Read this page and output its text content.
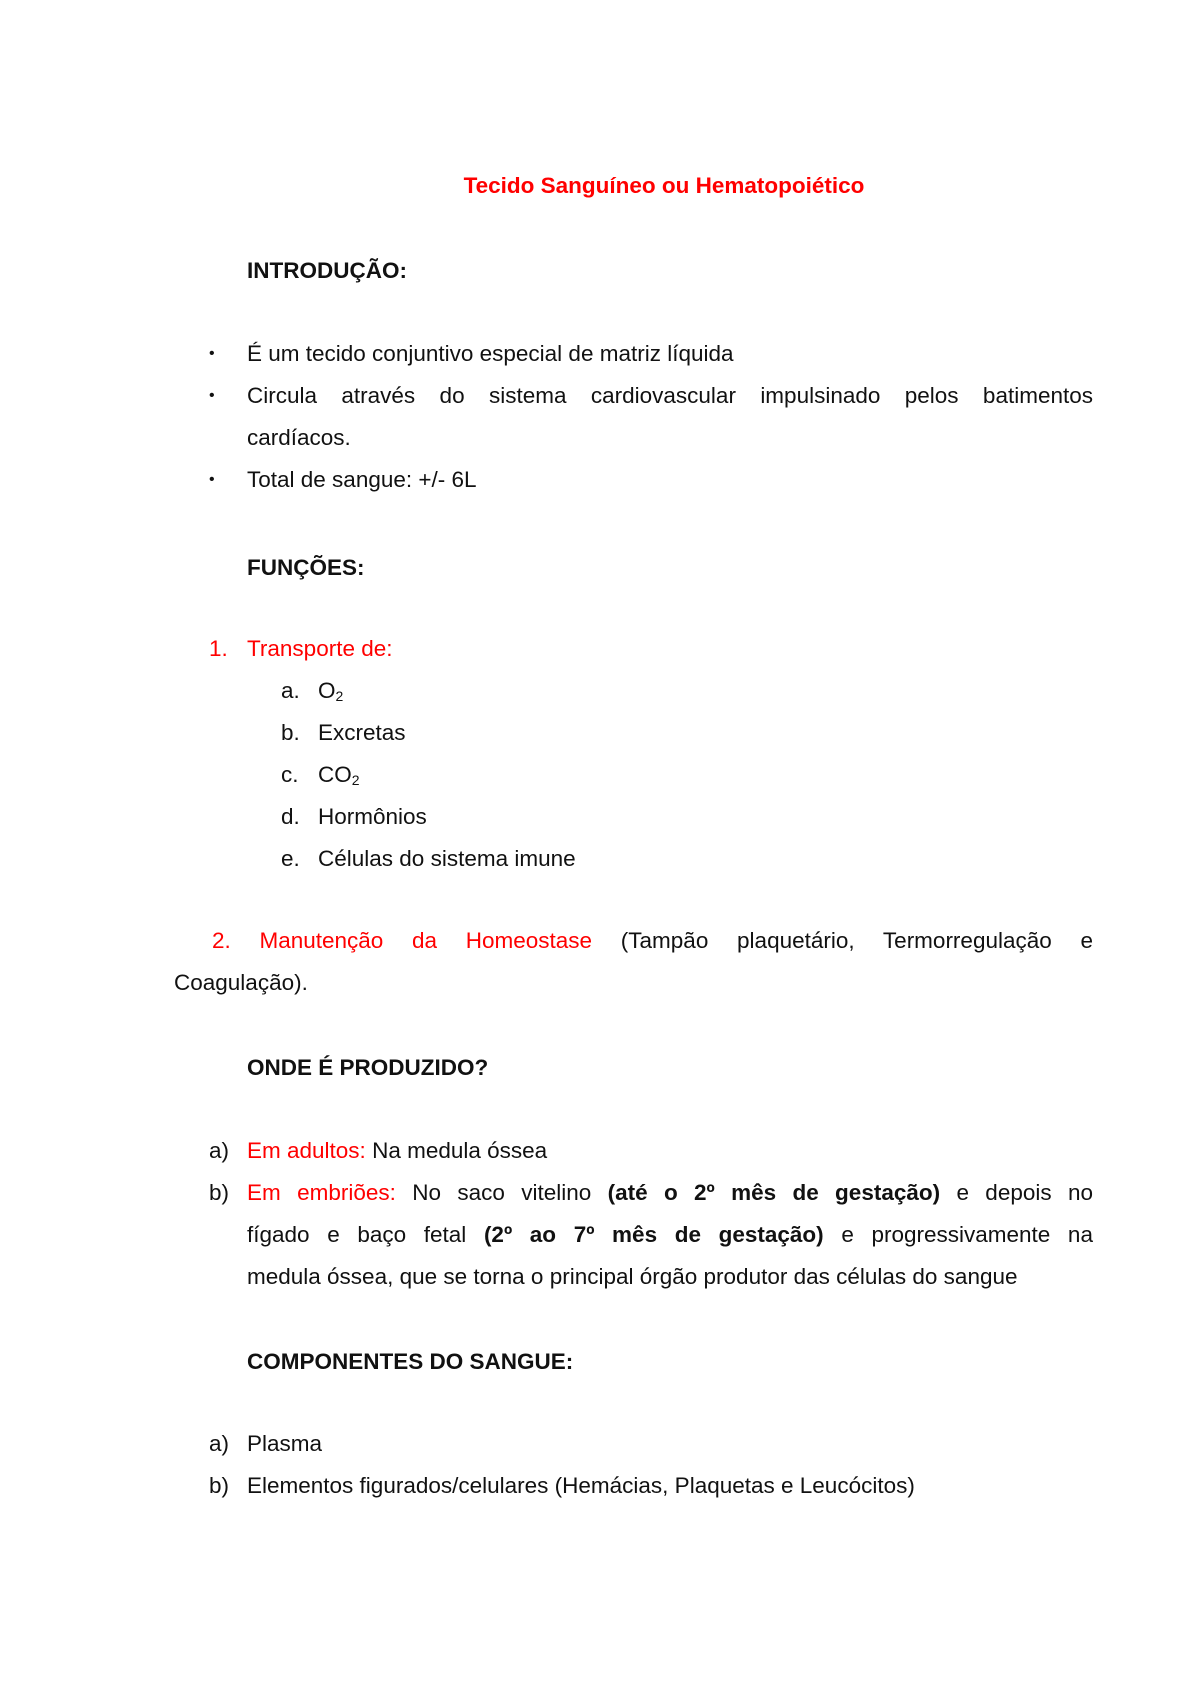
Tecido Sanguíneo ou Hematopoiético
INTRODUÇÃO:
• É um tecido conjuntivo especial de matriz líquida
• Circula através do sistema cardiovascular impulsinado pelos batimentos
cardíacos.
• Total de sangue: +/- 6L
FUNÇÕES:
1. Transporte de:
a. $O_2$
b. Excretas
c. $CO_2$
d. Hormônios
e. Células do sistema imune
2. Manutenção da Homeostase (Tampão plaquetário, Termorregulação e
Coagulação).
ONDE É PRODUZIDO?
a) Em adultos: Na medula óssea
b) Em embriões: No saco vitelino (até o 2º mês de gestação) e depois no
fígado e baço fetal (2º ao 7º mês de gestação) e progressivamente na
medula óssea, que se torna o principal órgão produtor das células do sangue
COMPONENTES DO SANGUE:
a) Plasma
b) Elementos figurados/celulares (Hemácias, Plaquetas e Leucócitos)
